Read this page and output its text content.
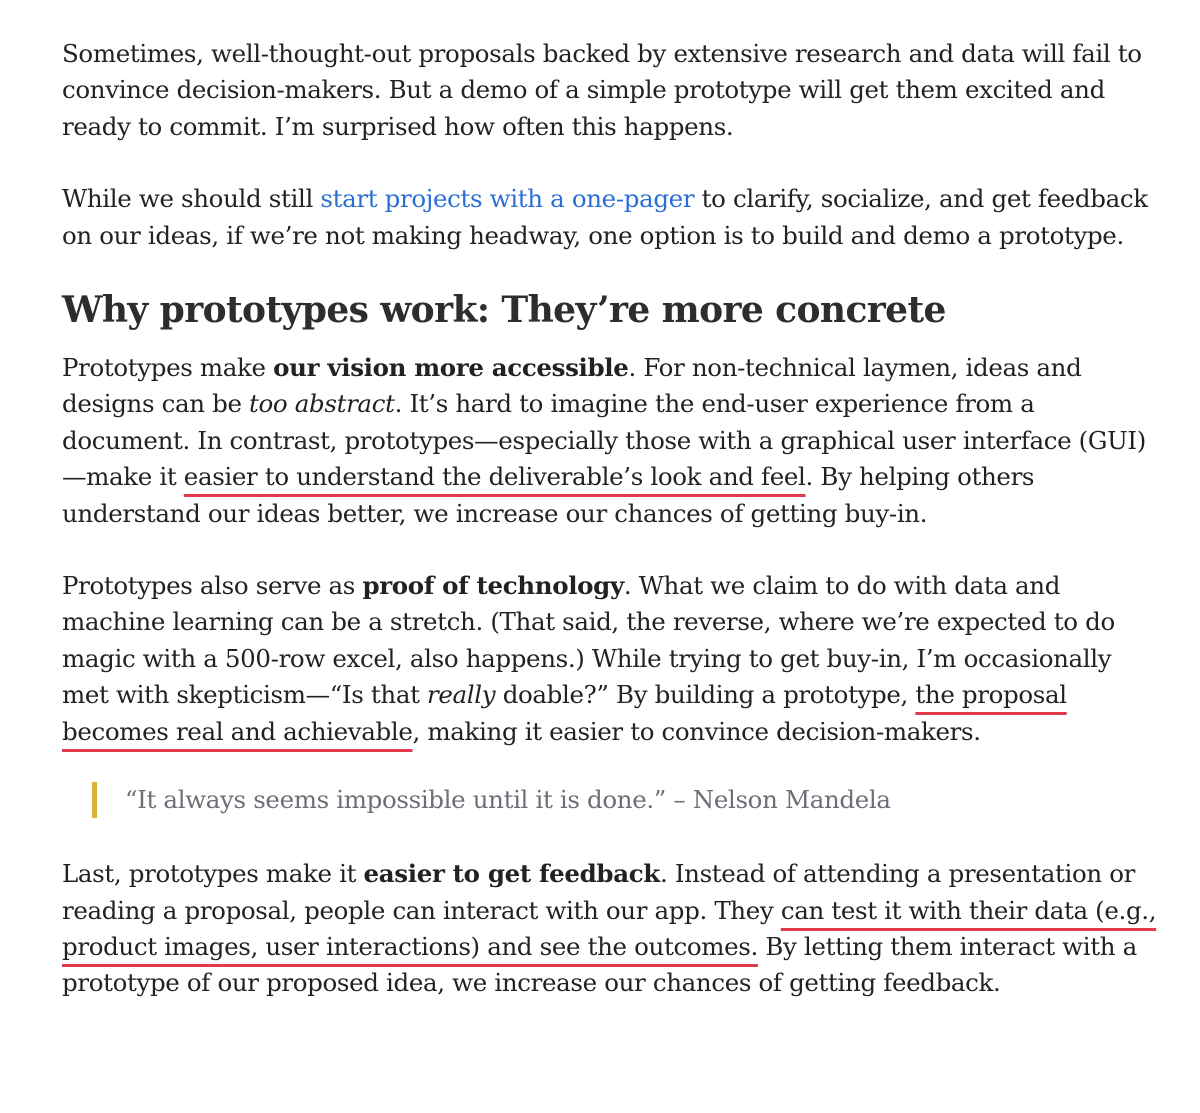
Sometimes, well-thought-out proposals backed by extensive research and data will fail to convince decision-makers. But a demo of a simple prototype will get them excited and ready to commit. I’m surprised how often this happens.

While we should still start projects with a one-pager to clarify, socialize, and get feedback on our ideas, if we’re not making headway, one option is to build and demo a prototype.

Why prototypes work: They’re more concrete

Prototypes make our vision more accessible. For non-technical laymen, ideas and designs can be too abstract. It’s hard to imagine the end-user experience from a document. In contrast, prototypes—especially those with a graphical user interface (GUI)—make it easier to understand the deliverable’s look and feel. By helping others understand our ideas better, we increase our chances of getting buy-in.

Prototypes also serve as proof of technology. What we claim to do with data and machine learning can be a stretch. (That said, the reverse, where we’re expected to do magic with a 500-row excel, also happens.) While trying to get buy-in, I’m occasionally met with skepticism—“Is that really doable?” By building a prototype, the proposal becomes real and achievable, making it easier to convince decision-makers.

“It always seems impossible until it is done.” – Nelson Mandela

Last, prototypes make it easier to get feedback. Instead of attending a presentation or reading a proposal, people can interact with our app. They can test it with their data (e.g., product images, user interactions) and see the outcomes. By letting them interact with a prototype of our proposed idea, we increase our chances of getting feedback.
